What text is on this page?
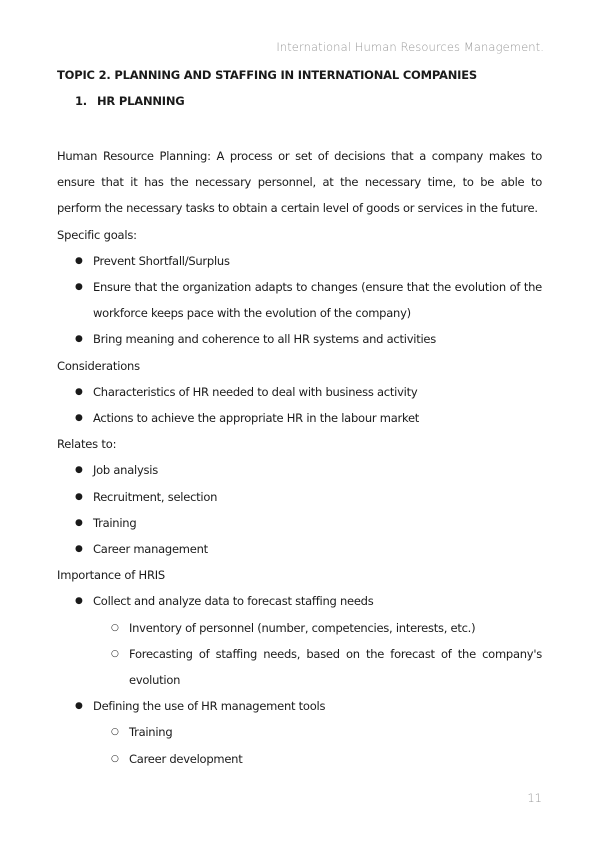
International Human Resources Management.
TOPIC 2. PLANNING AND STAFFING IN INTERNATIONAL COMPANIES
1. HR PLANNING

Human Resource Planning: A process or set of decisions that a company makes to ensure that it has the necessary personnel, at the necessary time, to be able to perform the necessary tasks to obtain a certain level of goods or services in the future.

Specific goals:

● Prevent Shortfall/Surplus
● Ensure that the organization adapts to changes (ensure that the evolution of the workforce keeps pace with the evolution of the company)
● Bring meaning and coherence to all HR systems and activities

Considerations

● Characteristics of HR needed to deal with business activity
● Actions to achieve the appropriate HR in the labour market

Relates to:

● Job analysis
● Recruitment, selection
● Training
● Career management

Importance of HRIS

● Collect and analyze data to forecast staffing needs
○ Inventory of personnel (number, competencies, interests, etc.)
○ Forecasting of staffing needs, based on the forecast of the company's evolution
● Defining the use of HR management tools
○ Training
○ Career development
11
